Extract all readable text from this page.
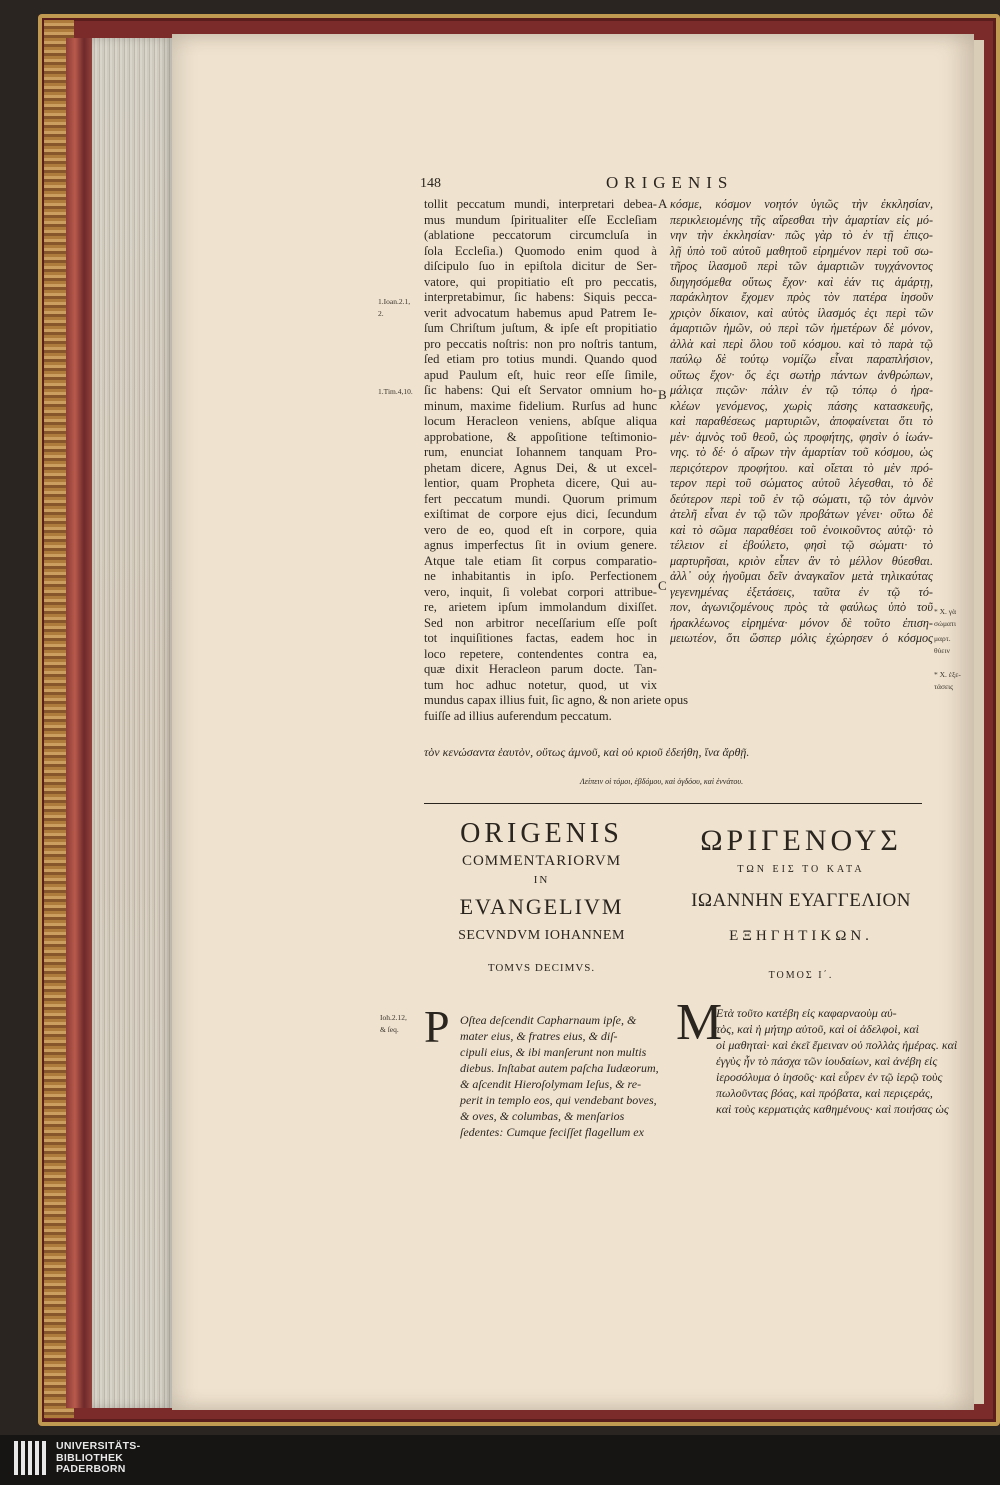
148	ORIGENIS
tollit peccatum mundi, interpretari debea-
mus mundum ſpiritualiter eſſe Eccleſiam
(ablatione peccatorum circumcluſa in
ſola Eccleſia.) Quomodo enim quod à
diſcipulo ſuo in epiſtola dicitur de Ser-
vatore, qui propitiatio eſt pro peccatis,
interpretabimur, ſic habens: Siquis pecca-
verit advocatum habemus apud Patrem Ie-
ſum Chriſtum juſtum, & ipſe eſt propitiatio
pro peccatis noſtris: non pro noſtris tantum,
ſed etiam pro totius mundi. Quando quod
apud Paulum eſt, huic reor eſſe ſimile,
ſic habens: Qui eſt Servator omnium ho-
minum, maxime fidelium. Rurſus ad hunc
locum Heracleon veniens, abſque aliqua
approbatione, & appoſitione teſtimonio-
rum, enunciat Iohannem tanquam Pro-
phetam dicere, Agnus Dei, & ut excel-
lentior, quam Propheta dicere, Qui au-
fert peccatum mundi. Quorum primum
exiſtimat de corpore ejus dici, ſecundum
vero de eo, quod eſt in corpore, quia
agnus imperfectus ſit in ovium genere.
Atque tale etiam ſit corpus comparatio-
ne inhabitantis in ipſo. Perfectionem
vero, inquit, ſi volebat corpori attribue-
re, arietem ipſum immolandum dixiſſet.
Sed non arbitror neceſſarium eſſe poſt
tot inquiſitiones factas, eadem hoc in
loco repetere, contendentes contra ea,
quæ dixit Heracleon parum docte. Tan-
tum hoc adhuc notetur, quod, ut vix
mundus capax illius fuit, ſic agno, & non ariete opus
fuiſſe ad illius auferendum peccatum.
κόσμε, κόσμον νοητόν ὑγιῶς τὴν ἐκκλησίαν,
περικλειομένης τῆς αἴρεσθαι τὴν ἁμαρτίαν εἰς μό-
νην τὴν ἐκκλησίαν· πῶς γὰρ τὸ ἐν τῇ ἐπιςο-
λῇ ὑπὸ τοῦ αὐτοῦ μαθητοῦ εἰρημένον περὶ τοῦ σω-
τῆρος ἱλασμοῦ περὶ τῶν ἁμαρτιῶν τυγχάνοντος
διηγησόμεθα οὕτως ἔχον· καὶ ἐάν τις ἁμάρτῃ,
παράκλητον ἔχομεν πρὸς τὸν πατέρα ἰησοῦν
χριςὸν δίκαιον, καὶ αὐτὸς ἱλασμός ἐςι περὶ τῶν
ἁμαρτιῶν ἡμῶν, οὐ περὶ τῶν ἡμετέρων δὲ μόνον,
ἀλλὰ καὶ περὶ ὅλου τοῦ κόσμου. καὶ τὸ παρὰ τῷ
παύλῳ δὲ τούτῳ νομίζω εἶναι παραπλήσιον,
οὕτως ἔχον· ὅς ἐςι σωτὴρ πάντων ἀνθρώπων,
μάλιςα πιςῶν· πάλιν ἐν τῷ τόπῳ ὁ ἡρα-
κλέων γενόμενος, χωρὶς πάσης κατασκευῆς,
καὶ παραθέσεως μαρτυριῶν, ἀποφαίνεται ὅτι τὸ
μὲν· ἀμνὸς τοῦ θεοῦ, ὡς προφήτης, φησὶν ὁ ἰωάν-
νης. τὸ δέ· ὁ αἴρων τὴν ἁμαρτίαν τοῦ κόσμου, ὡς
περιςότερον προφήτου. καὶ οἴεται τὸ μὲν πρό-
τερον περὶ τοῦ σώματος αὐτοῦ λέγεσθαι, τὸ δὲ
δεύτερον περὶ τοῦ ἐν τῷ σώματι, τῷ τὸν ἀμνὸν
ἀτελῆ εἶναι ἐν τῷ τῶν προβάτων γένει· οὕτω δὲ
καὶ τὸ σῶμα παραθέσει τοῦ ἐνοικοῦντος αὐτῷ· τὸ
τέλειον εἰ ἐβούλετο, φησὶ τῷ σώματι· τὸ
μαρτυρῆσαι, κριὸν εἶπεν ἂν τὸ μέλλον θύεσθαι.
ἀλλ᾽ οὐχ ἡγοῦμαι δεῖν ἀναγκαῖον μετὰ τηλικαύτας
γεγενημένας ἐξετάσεις, ταῦτα ἐν τῷ τό-
πον, ἀγωνιζομένους πρὸς τὰ φαύλως ὑπὸ τοῦ
ἡρακλέωνος εἰρημένα· μόνον δὲ τοῦτο ἐπιση-
μειωτέον, ὅτι ὥσπερ μόλις ἐχώρησεν ὁ κόσμος
A
B
C
1.Ioan.2.1,
2.
1.Tim.4,10.
* Χ. γὰ
σώματι
μαρτ.
θύειν
* Χ. ἐξε-
τάσεις
τὸν κενώσαντα ἑαυτὸν, οὕτως ἀμνοῦ, καὶ οὐ κριοῦ ἐδεήθη, ἵνα ἄρθῇ.
Λείπειν οἱ τόμοι, ἑβδόμου, καὶ ὀγδόου, καὶ ἐννάτου.
ORIGENIS
COMMENTARIORVM
IN
EVANGELIVM
SECVNDVM IOHANNEM
TOMVS DECIMVS.
ΩΡΙΓΕΝΟΥΣ
ΤΩΝ ΕΙΣ ΤΟ ΚΑΤΑ
ΙΩΑΝΝΗΝ ΕΥΑΓΓΕΛΙΟΝ
ΕΞΗΓΗΤΙΚΩΝ.
ΤΟΜΟΣ Ι΄.
Ioh.2.12,
& ſeq. P Oſtea deſcendit Capharnaum ipſe, &
mater eius, & fratres eius, & diſ-
cipuli eius, & ibi manſerunt non multis
diebus. Inſtabat autem paſcha Iudæorum,
& aſcendit Hieroſolymam Ieſus, & re-
perit in templo eos, qui vendebant boves,
& oves, & columbas, & menſarios
ſedentes: Cumque feciſſet flagellum ex
M
Ετὰ τοῦτο κατέβη εἰς καφαρναοὺμ αὐ-
τὸς, καὶ ἡ μήτηρ αὐτοῦ, καὶ οἱ ἀδελφοὶ, καὶ
οἱ μαθηταὶ· καὶ ἐκεῖ ἔμειναν οὐ πολλὰς ἡμέρας. καὶ
ἐγγὺς ἦν τὸ πάσχα τῶν ἰουδαίων, καὶ ἀνέβη εἰς
ἱεροσόλυμα ὁ ἰησοῦς· καὶ εὗρεν ἐν τῷ ἱερῷ τοὺς
πωλοῦντας βόας, καὶ πρόβατα, καὶ περιςεράς,
καὶ τοὺς κερματιςὰς καθημένους· καὶ ποιήσας ὡς
UNIVERSITÄTS-
BIBLIOTHEK
PADERBORN
